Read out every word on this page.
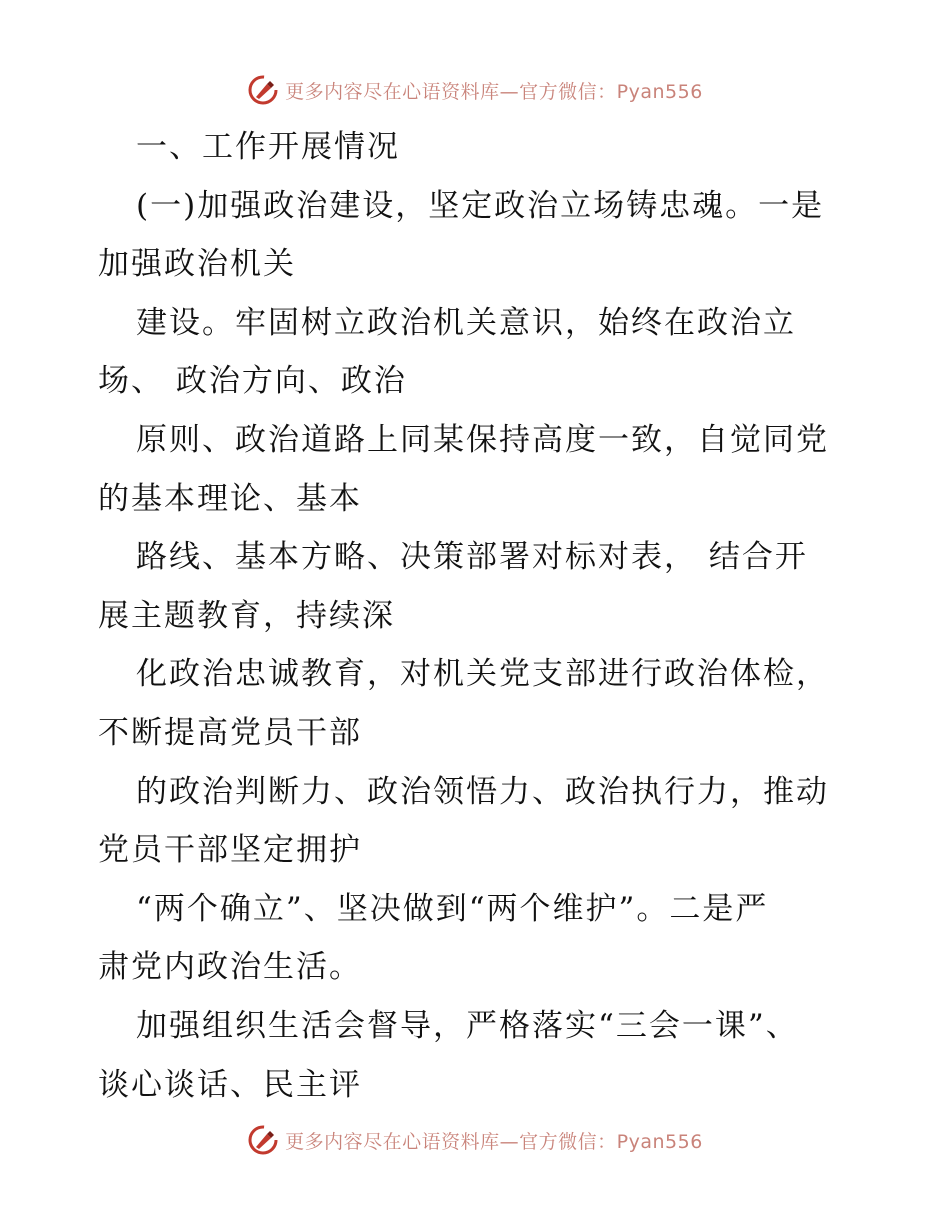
更多内容尽在心语资料库—官方微信：Pyan556
一、工作开展情况
(一)加强政治建设，坚定政治立场铸忠魂。一是
加强政治机关
建设。牢固树立政治机关意识，始终在政治立
场、 政治方向、政治
原则、政治道路上同某保持高度一致，自觉同党
的基本理论、基本
路线、基本方略、决策部署对标对表， 结合开
展主题教育，持续深
化政治忠诚教育，对机关党支部进行政治体检，
不断提高党员干部
的政治判断力、政治领悟力、政治执行力，推动
党员干部坚定拥护
“两个确立”、坚决做到“两个维护”。二是严
肃党内政治生活。
加强组织生活会督导，严格落实“三会一课”、
谈心谈话、民主评
更多内容尽在心语资料库—官方微信：Pyan556
